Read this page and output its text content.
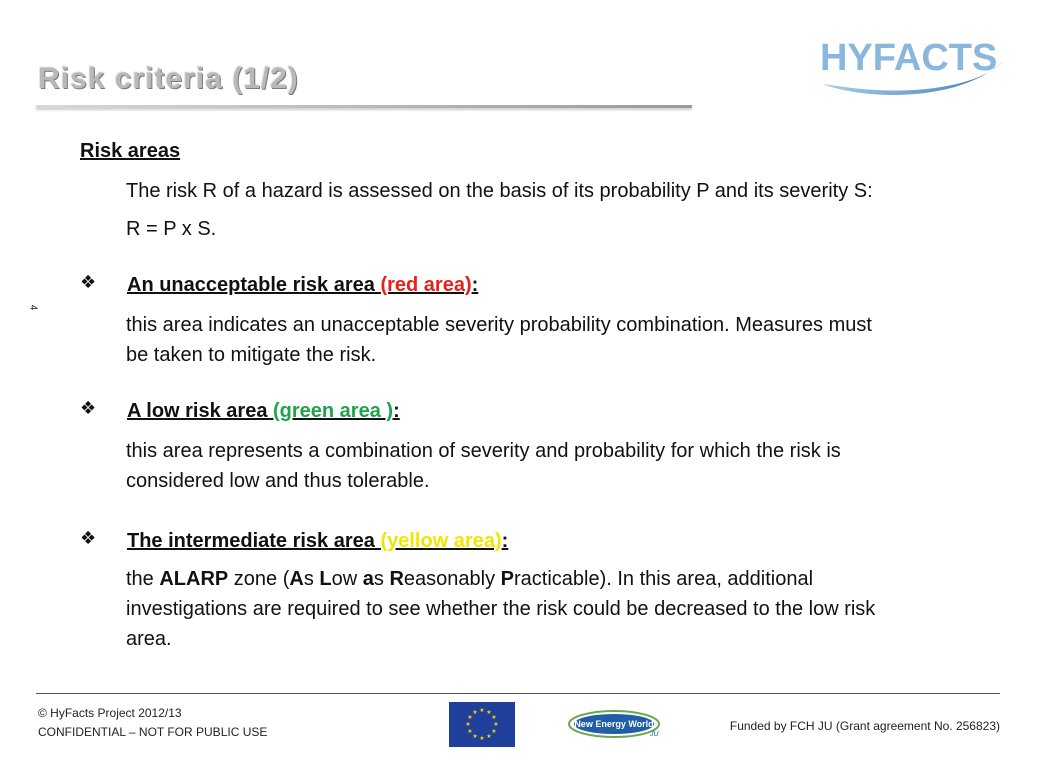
Risk criteria (1/2)	HYFACTS
4

Risk areas

The risk R of a hazard is assessed on the basis of its probability P and its severity S:

R = P x S.

❖ An unacceptable risk area (red area):

this area indicates an unacceptable severity probability combination. Measures must

be taken to mitigate the risk.

❖ A low risk area (green area ):

this area represents a combination of severity and probability for which the risk is

considered low and thus tolerable.

❖ The intermediate risk area (yellow area):

the ALARP zone (As Low as Reasonably Practicable). In this area, additional

investigations are required to see whether the risk could be decreased to the low risk

area.

© HyFacts Project 2012/13
CONFIDENTIAL – NOT FOR PUBLIC USE
★ ★
★
★
★
★
★
★
★
★
★
★
New Energy World
JU
Funded by FCH JU (Grant agreement No. 256823)
